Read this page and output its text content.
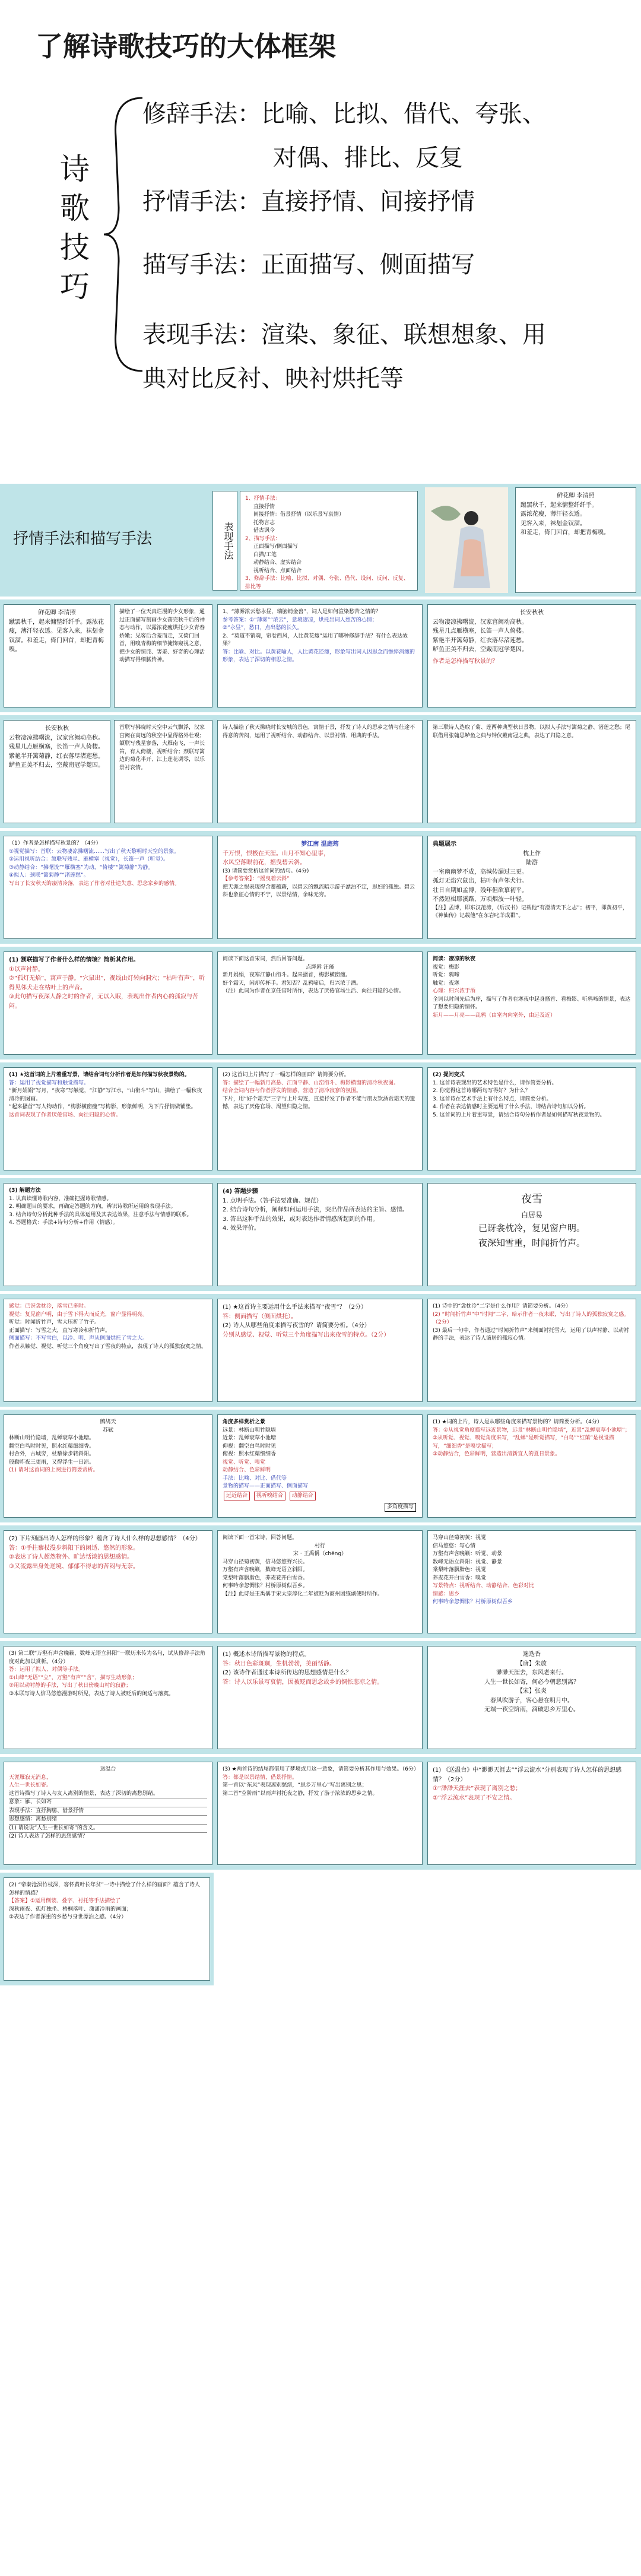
了解诗歌技巧的大体框架
诗
歌
技
巧
修辞手法：比喻、比拟、借代、夸张、
对偶、排比、反复
抒情手法：直接抒情、间接抒情
描写手法：正面描写、侧面描写
表现手法：渲染、象征、联想想象、用
典对比反衬、映衬烘托等
抒情手法和描写手法	表现手法
1、抒情手法：
直接抒情
间接抒情：借景抒情（以乐景写哀情）
托物言志
借古讽今
2、描写手法：
正面描写/侧面描写
白描/工笔
动静结合、虚实结合
视听结合、点面结合
3、修辞手法：比喻、比拟、对偶、夸张、借代、设问、反问、反复、排比等
鲜花卿 李清照
蹴罢秋千，起来慵整纤纤手。
露浓花瘦，薄汗轻衣透。
见客入来，袜刬金钗溜。
和羞走，倚门回首，却把青梅嗅。
鲜花卿 李清照
蹴罢秋千，起来慵整纤纤手。露浓花瘦，薄汗轻衣透。见客入来，袜刬金钗溜。和羞走，倚门回首，却把青梅嗅。
描绘了一位天真烂漫的少女形象，通过正面描写刻画少女荡完秋千后的神态与动作，以露浓花瘦烘托少女青春娇嫩；见客后含羞而走，又倚门回首，用嗅青梅的细节掩饰窥视之意，把少女的惊诧、害羞、好奇的心理活动描写得细腻传神。
1、“薄雾浓云愁永昼，瑞脑销金兽”，词人是如何渲染愁苦之情的？
参考答案：①“薄雾”“浓云”，意境凄凉，烘托出词人愁苦的心情；
②“永昼”，愁日，点出愁的长久。
2、“莫道不销魂，帘卷西风，人比黄花瘦”运用了哪种修辞手法？有什么表达效果？
答：比喻、对比。以黄花喻人，人比黄花还瘦，形象写出词人因思念而憔悴消瘦的形象，表达了深切的相思之情。
长安秋秋
云物凄凉拂曙流，汉家宫阙动高秋。
残星几点雁横塞，长笛一声人倚楼。
紫艳半开篱菊静，红衣落尽渚莲愁。
鲈鱼正美不归去，空戴南冠学楚囚。
作者是怎样描写秋景的？
长安秋秋
云物凄凉拂曙流，汉家宫阙动高秋。残星几点雁横塞，长笛一声人倚楼。紫艳半开篱菊静，红衣落尽渚莲愁。鲈鱼正美不归去，空戴南冠学楚囚。
首联写拂晓时天空中云气飘浮，汉家宫阙在高远的秋空中显得格外壮观；颔联写残星寥落，大雁南飞，一声长笛，有人倚楼，视听结合；颈联写篱边的菊花半开、江上莲花凋零，以乐景衬哀情。
诗人描绘了秋天拂晓时长安城的景色，寓情于景，抒发了诗人的思乡之情与仕途不得意的苦闷，运用了视听结合、动静结合、以景衬情、用典的手法。
第三联诗人选取了菊、莲两种典型秋日景物，以拟人手法写篱菊之静、渚莲之愁；尾联借用张翰思鲈鱼之典与钟仪戴南冠之典，表达了归隐之意。
（1）作者是怎样描写秋景的？（4分）
①视觉描写：首联：云物凄凉拂曙流……写出了秋天黎明时天空的景象。
②运用视听结合：颔联写残星、雁横塞（视觉），长笛一声（听觉）。
③动静结合：“拂曙流”“雁横塞”为动，“倚楼”“篱菊静”为静。
④拟人：颈联“篱菊静”“渚莲愁”。
写出了长安秋天的凄清冷落，表达了作者对仕途失意、思念家乡的感情。
梦江南 温庭筠
千万恨，恨极在天涯。山月不知心里事，
水风空落眼前花，摇曳碧云斜。
(3) 请简要赏析这首词的结句。(4分)
【参考答案】：“摇曳碧云斜”
把天涯之恨表现得含蓄蕴藉，以碧云的飘流暗示游子漂泊不定，思妇的孤独。碧云斜也象征心情的不宁，以景结情，余味无穷。
典题展示
枕上作
陆游
一室幽幽梦不成，高城传漏过三更。
孤灯无焰穴鼠出，枯叶有声邻犬行。
壮日自期如孟博，残年但欲慕初平。
不然短楫耶溪路，万顷烟波一叶轻。
【注】孟博，即东汉范滂，《后汉书》记载他“有澄清天下之志”；初平，即黄初平，《神仙传》记载他“在东岩叱羊成群”。
(1) 颔联描写了作者什么样的情境？简析其作用。
①以声衬静。
②“孤灯无焰”，寓声于静。“穴鼠出”，视线由灯转向洞穴；“枯叶有声”，听得见邻犬走在枯叶上的声音。
③此句描写夜深人静之时的作者，无以入眠，表现出作者内心的孤寂与苦闷。
阅读下面这首宋词，然后回答问题。
点绛唇 汪藻
新月娟娟，夜寒江静山衔斗。起来搔首，梅影横窗瘦。
好个霜天，闲却传杯手。君知否？乱鸦啼后，归兴浓于酒。
（注）此词为作者在京任官时所作，表达了厌倦官场生活、向往归隐的心情。
阅读：凄凉的秋夜
视觉：梅影
听觉：鸦啼
触觉：夜寒
心理：归兴浓于酒
全词以时间先后为序，描写了作者在寒夜中起身搔首、看梅影、听鸦啼的情景，表达了想要归隐的情怀。
新月——月亮——乱鸦（由室内向室外，由远及近）
(1) ★这首词的上片着重写景，请结合词句分析作者是如何描写秋夜景物的。
答：运用了视觉描写和触觉描写。
“新月娟娟”写月，“夜寒”写触觉，“江静”写江水，“山衔斗”写山，描绘了一幅秋夜清冷的图画。
“起来搔首”写人物动作，“梅影横窗瘦”写梅影，形象鲜明，为下片抒情做铺垫。
这首词表现了作者厌倦官场、向往归隐的心情。
(2) 这首词上片描写了一幅怎样的画面？请简要分析。
答：描绘了一幅新月高悬、江面平静、山峦衔斗、梅影横窗的清冷秋夜图。
结合全词内容与作者抒发的情感，营造了清冷寂寥的氛围。
下片，用“好个霜天”三字与上片勾连，直接抒发了作者不能与朋友饮酒赏霜天的遗憾，表达了厌倦官场、渴望归隐之情。
(2) 提问变式
1. 这首诗表现出的艺术特色是什么，请作简要分析。
2. 你觉得这首诗哪两句写得好？为什么？
3. 这首诗在艺术手法上有什么特点，请简要分析。
4. 作者在表达情感时主要运用了什么手法，请结合诗句加以分析。
5. 这首词的上片着重写景，请结合诗句分析作者是如何描写秋夜景物的。
(3) 解题方法
1. 认真读懂诗歌内容，准确把握诗歌情感。
2. 明确题目的要求，再确定答题的方向，辨识诗歌所运用的表现手法。
3. 结合诗句分析此种手法的具体运用及其表达效果，注意手法与情感的联系。
4. 答题格式：手法+诗句分析+作用（情感）。
(4) 答题步骤
1. 点明手法。（答手法要准确、规范）
2. 结合诗句分析，阐释如何运用手法，突出作品所表达的主旨、感情。
3. 答出这种手法的效果，或对表达作者情感所起到的作用。
4. 效果评价。
夜雪
白居易
已讶衾枕冷，复见窗户明。
夜深知雪重，时闻折竹声。
感觉：已讶衾枕冷，落雪已多时。
视觉：复见窗户明，由于雪下得大而反光，窗户显得明亮。
听觉：时闻折竹声，雪大压折了竹子。
正面描写：写雪之大，直写寒冷和折竹声。
侧面描写：不写雪白，以冷、明、声从侧面烘托了雪之大。
作者从触觉、视觉、听觉三个角度写出了雪夜的特点，表现了诗人的孤独寂寞之情。
(1) ★这首诗主要运用什么手法来描写“夜雪”？（2分）
答：侧面描写（侧面烘托）。
(2) 诗人从哪些角度来描写夜雪的？请简要分析。（4分）
分别从感觉、视觉、听觉三个角度描写出来夜雪的特点。（2分）
(1) 诗中的“衾枕冷”二字是什么作用？请简要分析。（4分）
(2) “时闻折竹声”中“时闻”二字，暗示作者一夜未眠，写出了诗人的孤独寂寞之感。（2分）
(3) 最后一句中，作者通过“时闻折竹声”来侧面衬托雪大，运用了以声衬静、以动衬静的手法，表达了诗人谪居的孤寂心情。
鹧鸪天
苏轼
林断山明竹隐墙，乱蝉衰草小池塘。
翻空白鸟时时见，照水红蕖细细香。
村舍外，古城旁，杖藜徐步转斜阳。
殷勤昨夜三更雨，又得浮生一日凉。
(1) 请对这首词的上阕进行简要赏析。
角度多样赏析之景
远景：林断山明竹隐墙
近景：乱蝉衰草小池塘
仰视：翻空白鸟时时见
俯视：照水红蕖细细香
视觉、听觉、嗅觉
动静结合、色彩鲜明
手法：比喻、对比、借代等
景物的描写——正面描写、侧面描写
远近结合 视听嗅结合 动静结合
多角度描写
(1) ★词的上片，诗人是从哪些角度来描写景物的？请简要分析。（4分）
答：①从视觉角度描写远近景物，远景“林断山明竹隐墙”，近景“乱蝉衰草小池塘”；
②从听觉、视觉、嗅觉角度来写，“乱蝉”是听觉描写，“白鸟”“红蕖”是视觉描写，“细细香”是嗅觉描写；
③动静结合，色彩鲜明，营造出清新宜人的夏日景象。
(2) 下片刻画出诗人怎样的形象？蕴含了诗人什么样的思想感情？（4分）
答：①手拄藜杖漫步斜阳下的闲适、悠然的形象。
②表达了诗人超然物外、旷达恬淡的思想感情。
③又流露出身处逆境、郁郁不得志的苦闷与无奈。
阅读下面一首宋诗，回答问题。
村行
宋 · 王禹偁（chēng）
马穿山径菊初黄，信马悠悠野兴长。
万壑有声含晚籁，数峰无语立斜阳。
棠梨叶落胭脂色，荞麦花开白雪香。
何事吟余忽惆怅？村桥原树似吾乡。
【注】此诗是王禹偁于宋太宗淳化二年被贬为商州团练副使时所作。
马穿山径菊初黄：视觉
信马悠悠：写心情
万壑有声含晚籁：听觉、动景
数峰无语立斜阳：视觉、静景
棠梨叶落胭脂色：视觉
荞麦花开白雪香：嗅觉
写景特点：视听结合、动静结合、色彩对比
情感：思乡
何事吟余忽惆怅？村桥原树似吾乡
(3) 第二联“万壑有声含晚籁，数峰无语立斜阳”一联历来传为名句，试从修辞手法角度对此加以赏析。（4分）
答：运用了拟人、对偶等手法。
①山峰“无语”“立”，万壑“有声”“含”，描写生动形象；
②用以动衬静的手法，写出了秋日傍晚山村的寂静；
③本联写诗人信马悠悠漫游时所见，表达了诗人被贬后的闲适与落寞。
(1) 概述本诗所描写景物的特点。
答：秋日色彩斑斓，生机勃勃，美丽恬静。
(2) 该诗作者通过本诗所传达的思想感情是什么？
答：诗人以乐景写哀情，因被贬而思念故乡的惆怅悲凉之情。
迷迭香
【唐】朱放
渺渺天涯去，东风老来行。
人生一世长如寄，何必今朝悲别离？
【宋】张炎
春风吹游子，客心悬在明月中。
无端一夜空阶雨，滴破思乡万里心。
送温台
天涯雁寂无消息，
人生一世长如寄。
这首诗描写了诗人与友人离别的情景，表达了深切的离愁别绪。
意象：雁、长如寄
表现手法：直抒胸臆、借景抒情
思想感情：离愁别绪
(1) 请说说“人生一世长如寄”的含义。
(2) 诗人表达了怎样的思想感情？
(3) ★两首诗的结尾都借用了梦境或月这一意象，请简要分析其作用与效果。（6分）
答：都是以景结情，借景抒情。
第一首以“东风”表现离别愁绪，“思乡万里心”写出离别之思；
第二首“空阶雨”以雨声衬托夜之静，抒发了游子浓浓的思乡之情。
(1) 《送温台》中“渺渺天涯去”“浮云流水”分别表现了诗人怎样的思想感情？（2分）
①“渺渺天涯去”表现了离别之愁；
②“浮云流水”表现了不安之情。
(2) “帝秦沧溟竹枝深，客怀黄叶长年贫”一诗中描绘了什么样的画面？蕴含了诗人怎样的情感？
【答案】①运用倒装、叠字、衬托等手法描绘了
深秋雨夜、孤灯独坐、梧桐落叶、潇潇冷雨的画面；
②表达了作者深重的乡愁与身世漂泊之感。（4分）
